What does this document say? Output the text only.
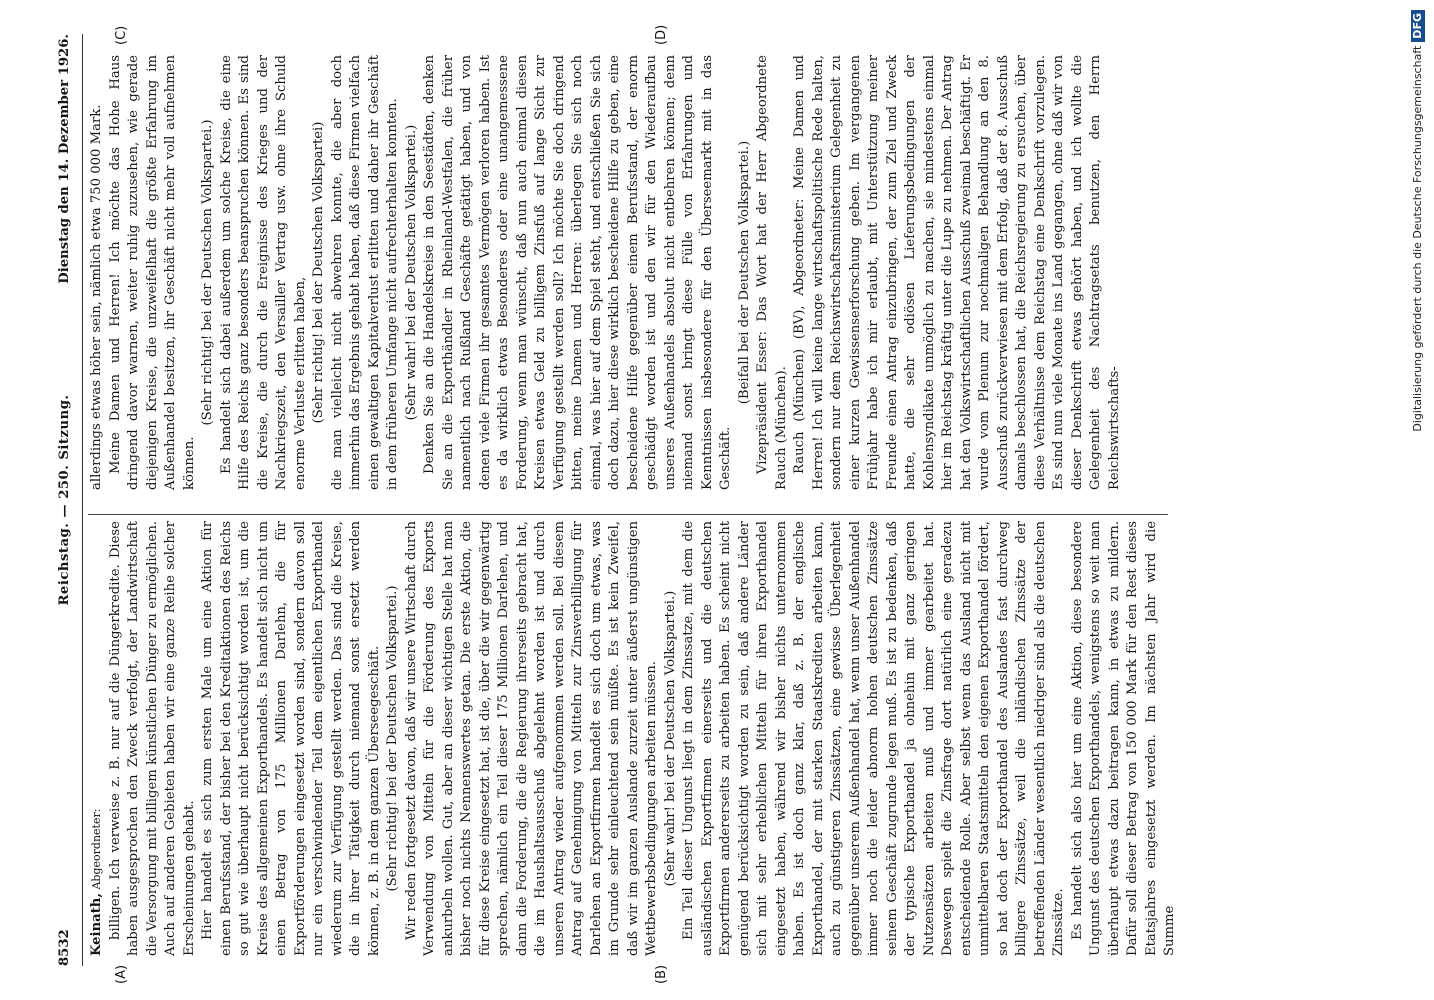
8532
Reichstag. — 250. Sitzung.
Dienstag den 14. Dezember 1926.
(A)	(B)
(C)	(D)

Keinath, Abgeordneter: billigen. Ich verweise z. B. nur auf die Düngerkredite. Diese haben ausgesprochen den Zweck verfolgt, der Landwirtschaft die Versorgung mit billigem künstlichen Dünger zu ermöglichen. Auch auf anderen Gebieten haben wir eine ganze Reihe solcher Erscheinungen gehabt. Hier handelt es sich zum ersten Male um eine Aktion für einen Berufsstand, der bisher bei den Kreditaktionen des Reichs so gut wie überhaupt nicht berücksichtigt worden ist, um die Kreise des allgemeinen Exporthandels. Es handelt sich nicht um einen Betrag von 175 Millionen Darlehn, die für Exportförderungen eingesetzt worden sind, sondern davon soll nur ein verschwindender Teil dem eigentlichen Exporthandel wiederum zur Verfügung gestellt werden. Das sind die Kreise, die in ihrer Tätigkeit durch niemand sonst ersetzt werden können, z. B. in dem ganzen Überseegeschäft. (Sehr richtig! bei der Deutschen Volkspartei.) Wir reden fortgesetzt davon, daß wir unsere Wirtschaft durch Verwendung von Mitteln für die Förderung des Exports ankurbeln wollen. Gut, aber an dieser wichtigen Stelle hat man bisher noch nichts Nennenswertes getan. Die erste Aktion, die für diese Kreise eingesetzt hat, ist die, über die wir gegenwärtig sprechen, nämlich ein Teil dieser 175 Millionen Darlehen, und dann die Forderung, die die Regierung ihrerseits gebracht hat, die im Haushaltsausschuß abgelehnt worden ist und durch unseren Antrag wieder aufgenommen werden soll. Bei diesem Antrag auf Genehmigung von Mitteln zur Zinsverbilligung für Darlehen an Exportfirmen handelt es sich doch um etwas, was im Grunde sehr einleuchtend sein müßte. Es ist kein Zweifel, daß wir im ganzen Auslande zurzeit unter äußerst ungünstigen Wettbewerbsbedingungen arbeiten müssen. (Sehr wahr! bei der Deutschen Volkspartei.) Ein Teil dieser Ungunst liegt in dem Zinssatze, mit dem die ausländischen Exportfirmen einerseits und die deutschen Exportfirmen andererseits zu arbeiten haben. Es scheint nicht genügend berücksichtigt worden zu sein, daß andere Länder sich mit sehr erheblichen Mitteln für ihren Exporthandel eingesetzt haben, während wir bisher nichts unternommen haben. Es ist doch ganz klar, daß z. B. der englische Exporthandel, der mit starken Staatskrediten arbeiten kann, auch zu günstigeren Zinssätzen, eine gewisse Überlegenheit gegenüber unserem Außenhandel hat, wenn unser Außenhandel immer noch die leider abnorm hohen deutschen Zinssätze seinem Geschäft zugrunde legen muß. Es ist zu bedenken, daß der typische Exporthandel ja ohnehin mit ganz geringen Nutzensätzen arbeiten muß und immer gearbeitet hat. Deswegen spielt die Zinsfrage dort natürlich eine geradezu entscheidende Rolle. Aber selbst wenn das Ausland nicht mit unmittelbaren Staatsmitteln den eigenen Exporthandel fördert, so hat doch der Exporthandel des Auslandes fast durchweg billigere Zinssätze, weil die inländischen Zinssätze der betreffenden Länder wesentlich niedriger sind als die deutschen Zinssätze. Es handelt sich also hier um eine Aktion, diese besondere Ungunst des deutschen Exporthandels, wenigstens so weit man überhaupt etwas dazu beitragen kann, in etwas zu mildern. Dafür soll dieser Betrag von 150 000 Mark für den Rest dieses Etatsjahres eingesetzt werden. Im nächsten Jahr wird die Summe

allerdings etwas höher sein, nämlich etwa 750 000 Mark. Meine Damen und Herren! Ich möchte das Hohe Haus dringend davor warnen, weiter ruhig zuzusehen, wie gerade diejenigen Kreise, die unzweifelhaft die größte Erfahrung im Außenhandel besitzen, ihr Geschäft nicht mehr voll aufnehmen können.

(Sehr richtig! bei der Deutschen Volkspartei.) Es handelt sich dabei außerdem um solche Kreise, die eine Hilfe des Reichs ganz besonders beanspruchen können. Es sind die Kreise, die durch die Ereignisse des Krieges und der Nachkriegszeit, den Versailler Vertrag usw. ohne ihre Schuld enorme Verluste erlitten haben, (Sehr richtig! bei der Deutschen Volkspartei) die man vielleicht nicht abwehren konnte, die aber doch immerhin das Ergebnis gehabt haben, daß diese Firmen vielfach einen gewaltigen Kapitalverlust erlitten und daher ihr Geschäft in dem früheren Umfange nicht aufrechterhalten konnten. (Sehr wahr! bei der Deutschen Volkspartei.) Denken Sie an die Handelskreise in den Seestädten, denken Sie an die Exporthändler in Rheinland-Westfalen, die früher namentlich nach Rußland Geschäfte getätigt haben, und von denen viele Firmen ihr gesamtes Vermögen verloren haben. Ist es da wirklich etwas Besonderes oder eine unangemessene Forderung, wenn man wünscht, daß nun auch einmal diesen Kreisen etwas Geld zu billigem Zinsfuß auf lange Sicht zur Verfügung gestellt werden soll? Ich möchte Sie doch dringend bitten, meine Damen und Herren: überlegen Sie sich noch einmal, was hier auf dem Spiel steht, und entschließen Sie sich doch dazu, hier diese wirklich bescheidene Hilfe zu geben, eine bescheidene Hilfe gegenüber einem Berufsstand, der enorm geschädigt worden ist und den wir für den Wiederaufbau unseres Außenhandels absolut nicht entbehren können; denn niemand sonst bringt diese Fülle von Erfahrungen und Kenntnissen insbesondere für den Überseemarkt mit in das Geschäft.

(Beifall bei der Deutschen Volkspartei.) Vizepräsident Esser: Das Wort hat der Herr Abgeordnete Rauch (München). Rauch (München) (BV), Abgeordneter: Meine Damen und Herren! Ich will keine lange wirtschaftspolitische Rede halten, sondern nur dem Reichswirtschaftsministerium Gelegenheit zu einer kurzen Gewissenserforschung geben. Im vergangenen Frühjahr habe ich mir erlaubt, mit Unterstützung meiner Freunde einen Antrag einzubringen, der zum Ziel und Zweck hatte, die sehr odiösen Lieferungsbedingungen der Kohlensyndikate unmöglich zu machen, sie mindestens einmal hier im Reichstag kräftig unter die Lupe zu nehmen. Der Antrag hat den Volkswirtschaftlichen Ausschuß zweimal beschäftigt. Er wurde vom Plenum zur nochmaligen Behandlung an den 8. Ausschuß zurückverwiesen mit dem Erfolg, daß der 8. Ausschuß damals beschlossen hat, die Reichsregierung zu ersuchen, über diese Verhältnisse dem Reichstag eine Denkschrift vorzulegen. Es sind nun viele Monate ins Land gegangen, ohne daß wir von dieser Denkschrift etwas gehört haben, und ich wollte die Gelegenheit des Nachtragsetats benutzen, den Herrn Reichswirtschafts-	Digitalisierung gefördert durch die Deutsche ForschungsgemeinschaftDFG
